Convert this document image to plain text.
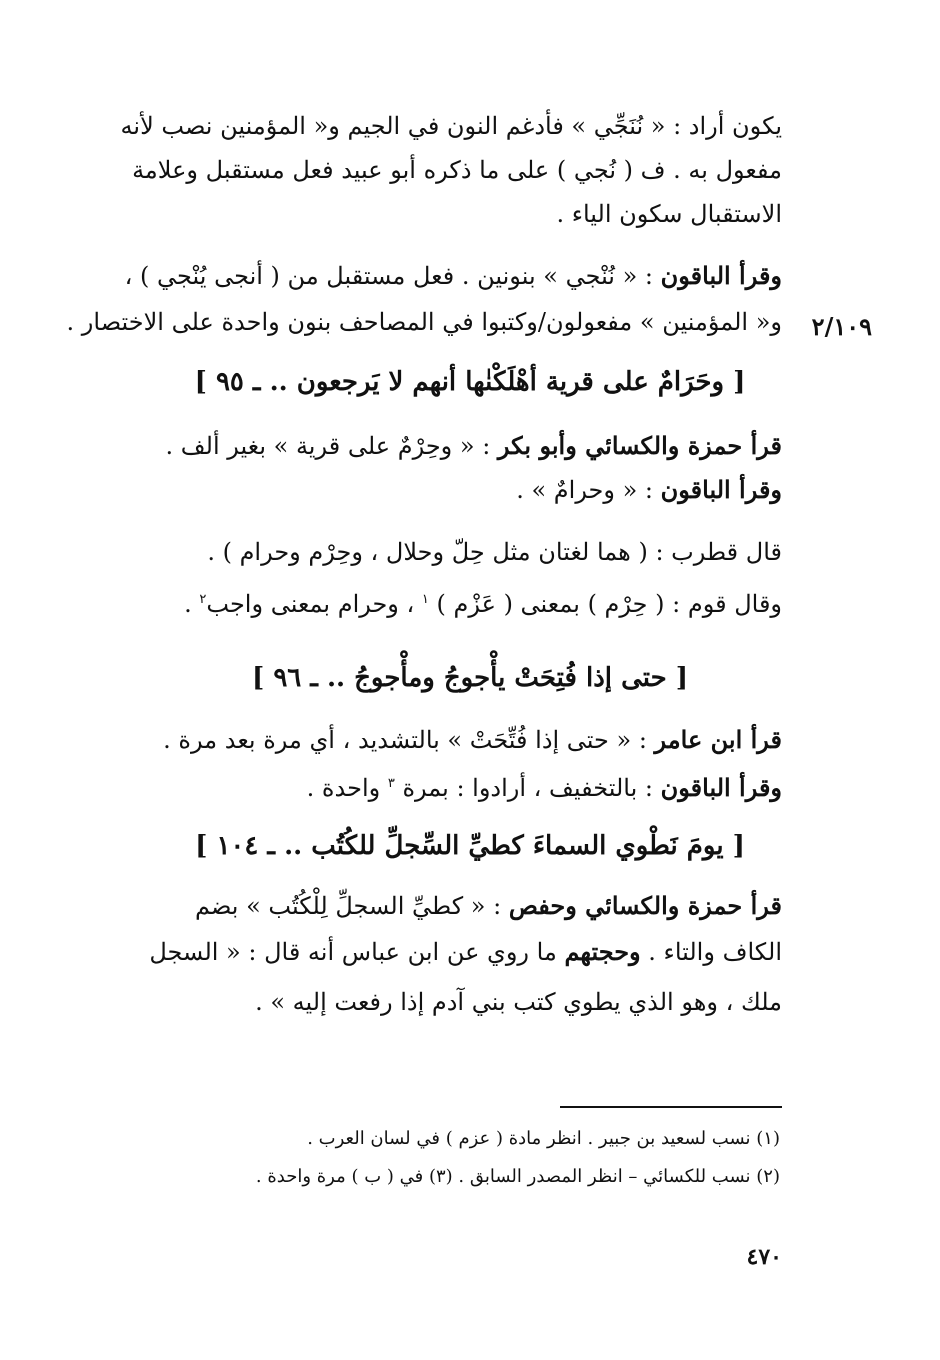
يكون أراد : « نُنَجِّي » فأدغم النون في الجيم و« المؤمنين نصب لأنه
مفعول به . ف ( نُجي ) على ما ذكره أبو عبيد فعل مستقبل وعلامة
الاستقبال سكون الياء .
وقرأ الباقون : « نُنْجي » بنونين . فعل مستقبل من ( أنجى يُنْجي ) ،
و« المؤمنين » مفعولون/وكتبوا في المصاحف بنون واحدة على الاختصار . ٢/١٠٩
[ وحَرَامٌ على قرية أهْلَكْنٰها أنهم لا يَرجعون .. ـ ٩٥ ]
قرأ حمزة والكسائي وأبو بكر : « وحِرْمٌ على قرية » بغير ألف .
وقرأ الباقون : « وحرامٌ » .
قال قطرب : ( هما لغتان مثل حِلّ وحلال ، وحِرْم وحرام ) .
وقال قوم : ( حِرْم ) بمعنى ( عَزْم ) $^١$ ، وحرام بمعنى واجب$^٢$ .
[ حتى إذا فُتِحَتْ يأْجوجُ ومأْجوجُ .. ـ ٩٦ ]
قرأ ابن عامر : « حتى إذا فُتِّحَتْ » بالتشديد ، أي مرة بعد مرة .
وقرأ الباقون : بالتخفيف ، أرادوا : بمرة $^٣$ واحدة .
[ يومَ نَطْوي السماءَ كطيِّ السِّجلِّ للكُتُب .. ـ ١٠٤ ]
قرأ حمزة والكسائي وحفص : « كطيِّ السجلِّ لِلْكُتُب » بضم
الكاف والتاء . وحجتهم ما روي عن ابن عباس أنه قال : « السجل
ملك ، وهو الذي يطوي كتب بني آدم إذا رفعت إليه » .
(١) نسب لسعيد بن جبير . انظر مادة ( عزم ) في لسان العرب .
(٢) نسب للكسائي – انظر المصدر السابق . (٣) في ( ب ) مرة واحدة .
٤٧٠
